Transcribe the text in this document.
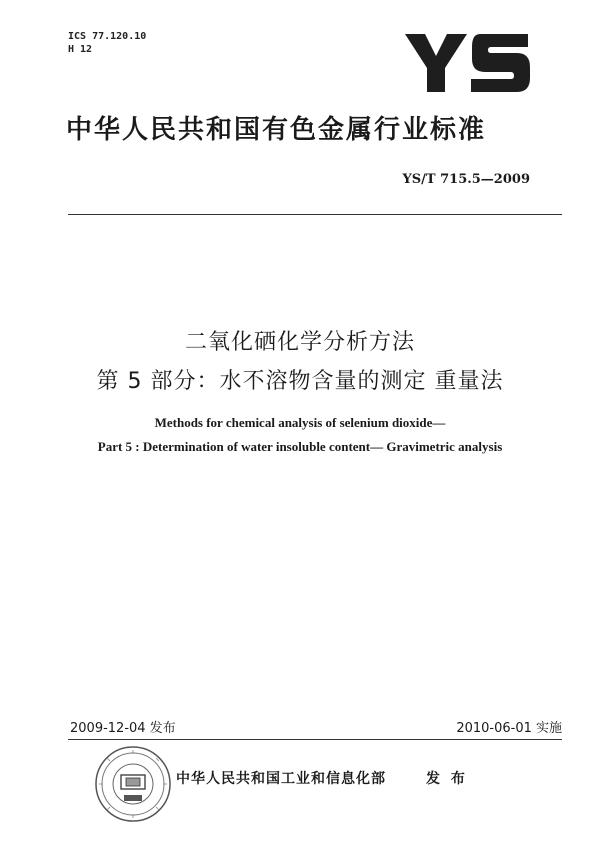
ICS 77.120.10
H 12
中华人民共和国有色金属行业标准
YS/T 715.5—2009
二氧化硒化学分析方法
第 5 部分：水不溶物含量的测定 重量法
Methods for chemical analysis of selenium dioxide—
Part 5 : Determination of water insoluble content— Gravimetric analysis
2009-12-04 发布	2010-06-01 实施
中华人民共和国工业和信息化部	发 布
